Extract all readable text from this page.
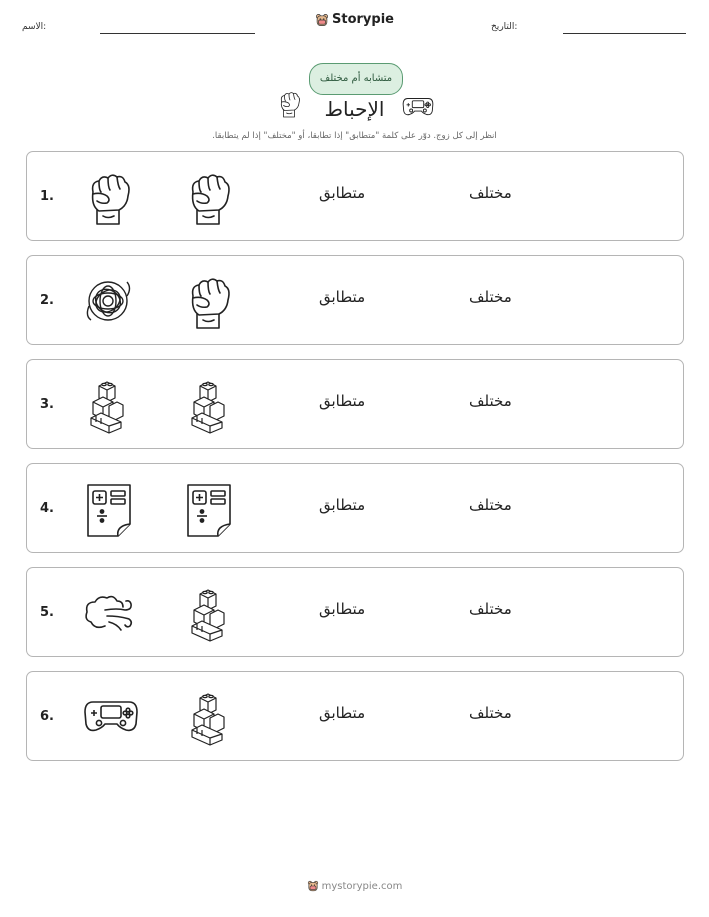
الاسم:	Storypie	التاريخ:
متشابه أم مختلف
الإحباط
انظر إلى كل زوج. دوّر على كلمة "متطابق" إذا تطابقا، أو "مختلف" إذا لم يتطابقا.
1.	متطابق	مختلف
2.	متطابق	مختلف
3.	متطابق	مختلف
4.	متطابق	مختلف
5.	متطابق	مختلف
6.	متطابق	مختلف
mystorypie.com
